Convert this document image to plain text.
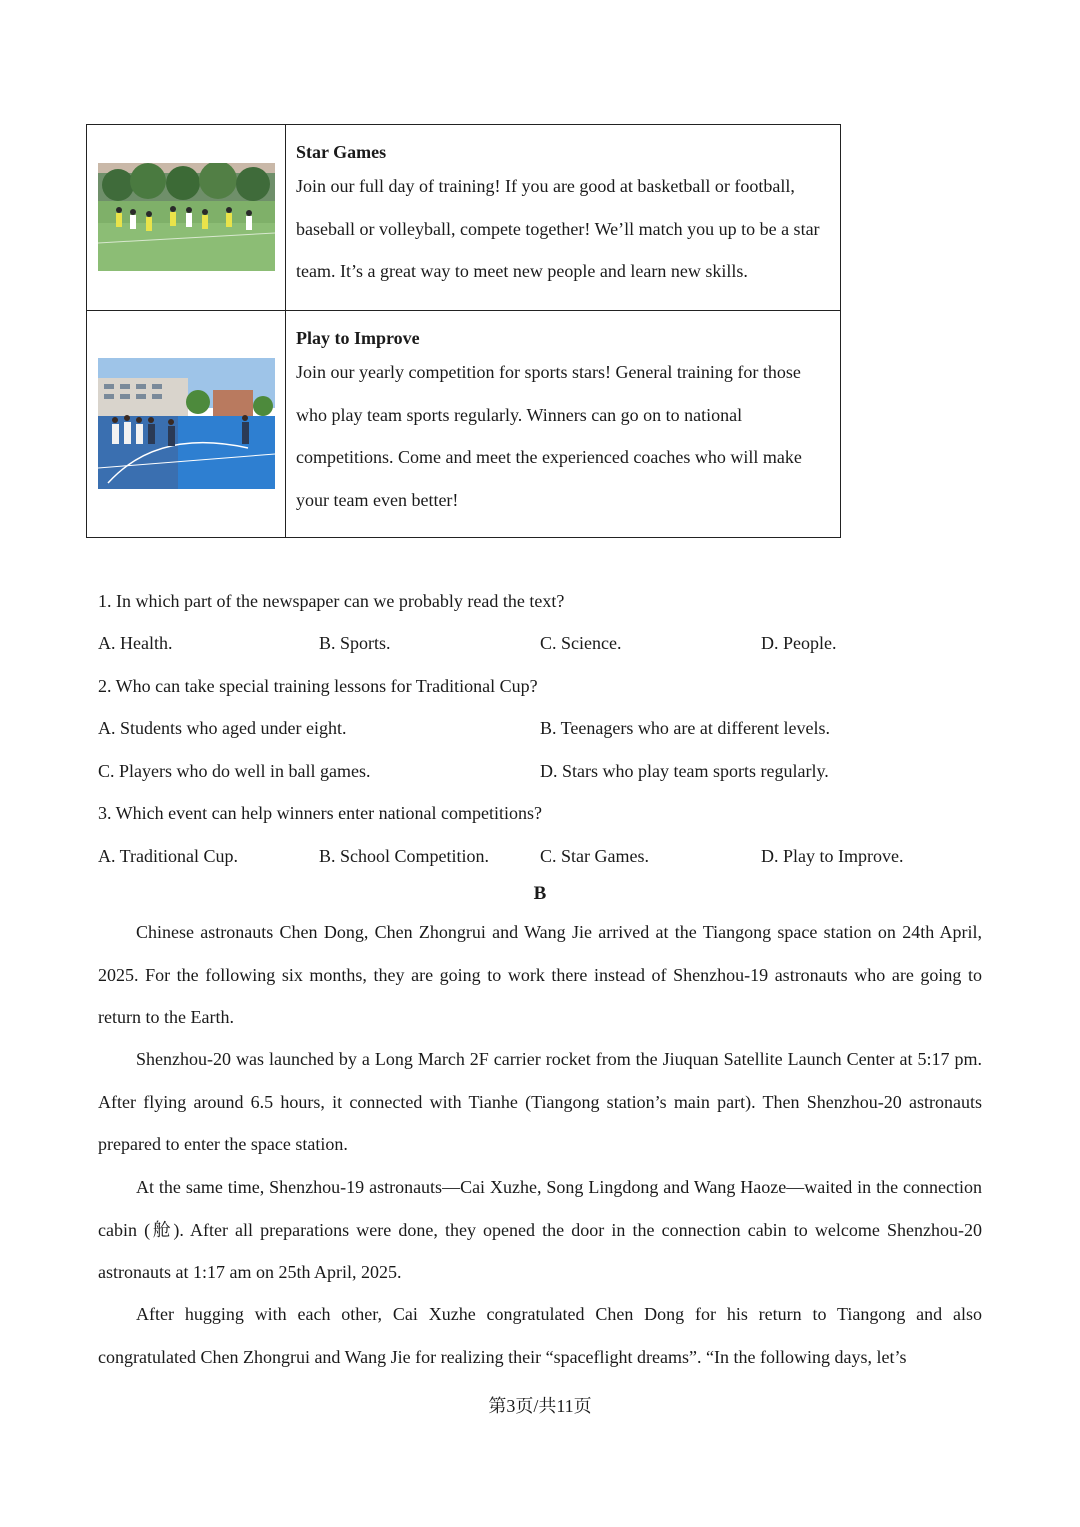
Star Games
Join our full day of training! If you are good at basketball or football, baseball or volleyball, compete together! We’ll match you up to be a star team. It’s a great way to meet new people and learn new skills.

Play to Improve
Join our yearly competition for sports stars! General training for those who play team sports regularly. Winners can go on to national competitions. Come and meet the experienced coaches who will make your team even better!
1. In which part of the newspaper can we probably read the text?
A. Health.	B. Sports.	C. Science.	D. People.
2. Who can take special training lessons for Traditional Cup?
A. Students who aged under eight.	B. Teenagers who are at different levels.
C. Players who do well in ball games.	D. Stars who play team sports regularly.
3. Which event can help winners enter national competitions?
A. Traditional Cup.	B. School Competition.	C. Star Games.	D. Play to Improve.
B
Chinese astronauts Chen Dong, Chen Zhongrui and Wang Jie arrived at the Tiangong space station on 24th April, 2025. For the following six months, they are going to work there instead of Shenzhou-19 astronauts who are going to return to the Earth.
Shenzhou-20 was launched by a Long March 2F carrier rocket from the Jiuquan Satellite Launch Center at 5:17 pm. After flying around 6.5 hours, it connected with Tianhe (Tiangong station’s main part). Then Shenzhou-20 astronauts prepared to enter the space station.
At the same time, Shenzhou-19 astronauts—Cai Xuzhe, Song Lingdong and Wang Haoze—waited in the connection cabin (舱). After all preparations were done, they opened the door in the connection cabin to welcome Shenzhou-20 astronauts at 1:17 am on 25th April, 2025.
After hugging with each other, Cai Xuzhe congratulated Chen Dong for his return to Tiangong and also congratulated Chen Zhongrui and Wang Jie for realizing their “spaceflight dreams”. “In the following days, let’s
第3页/共11页
